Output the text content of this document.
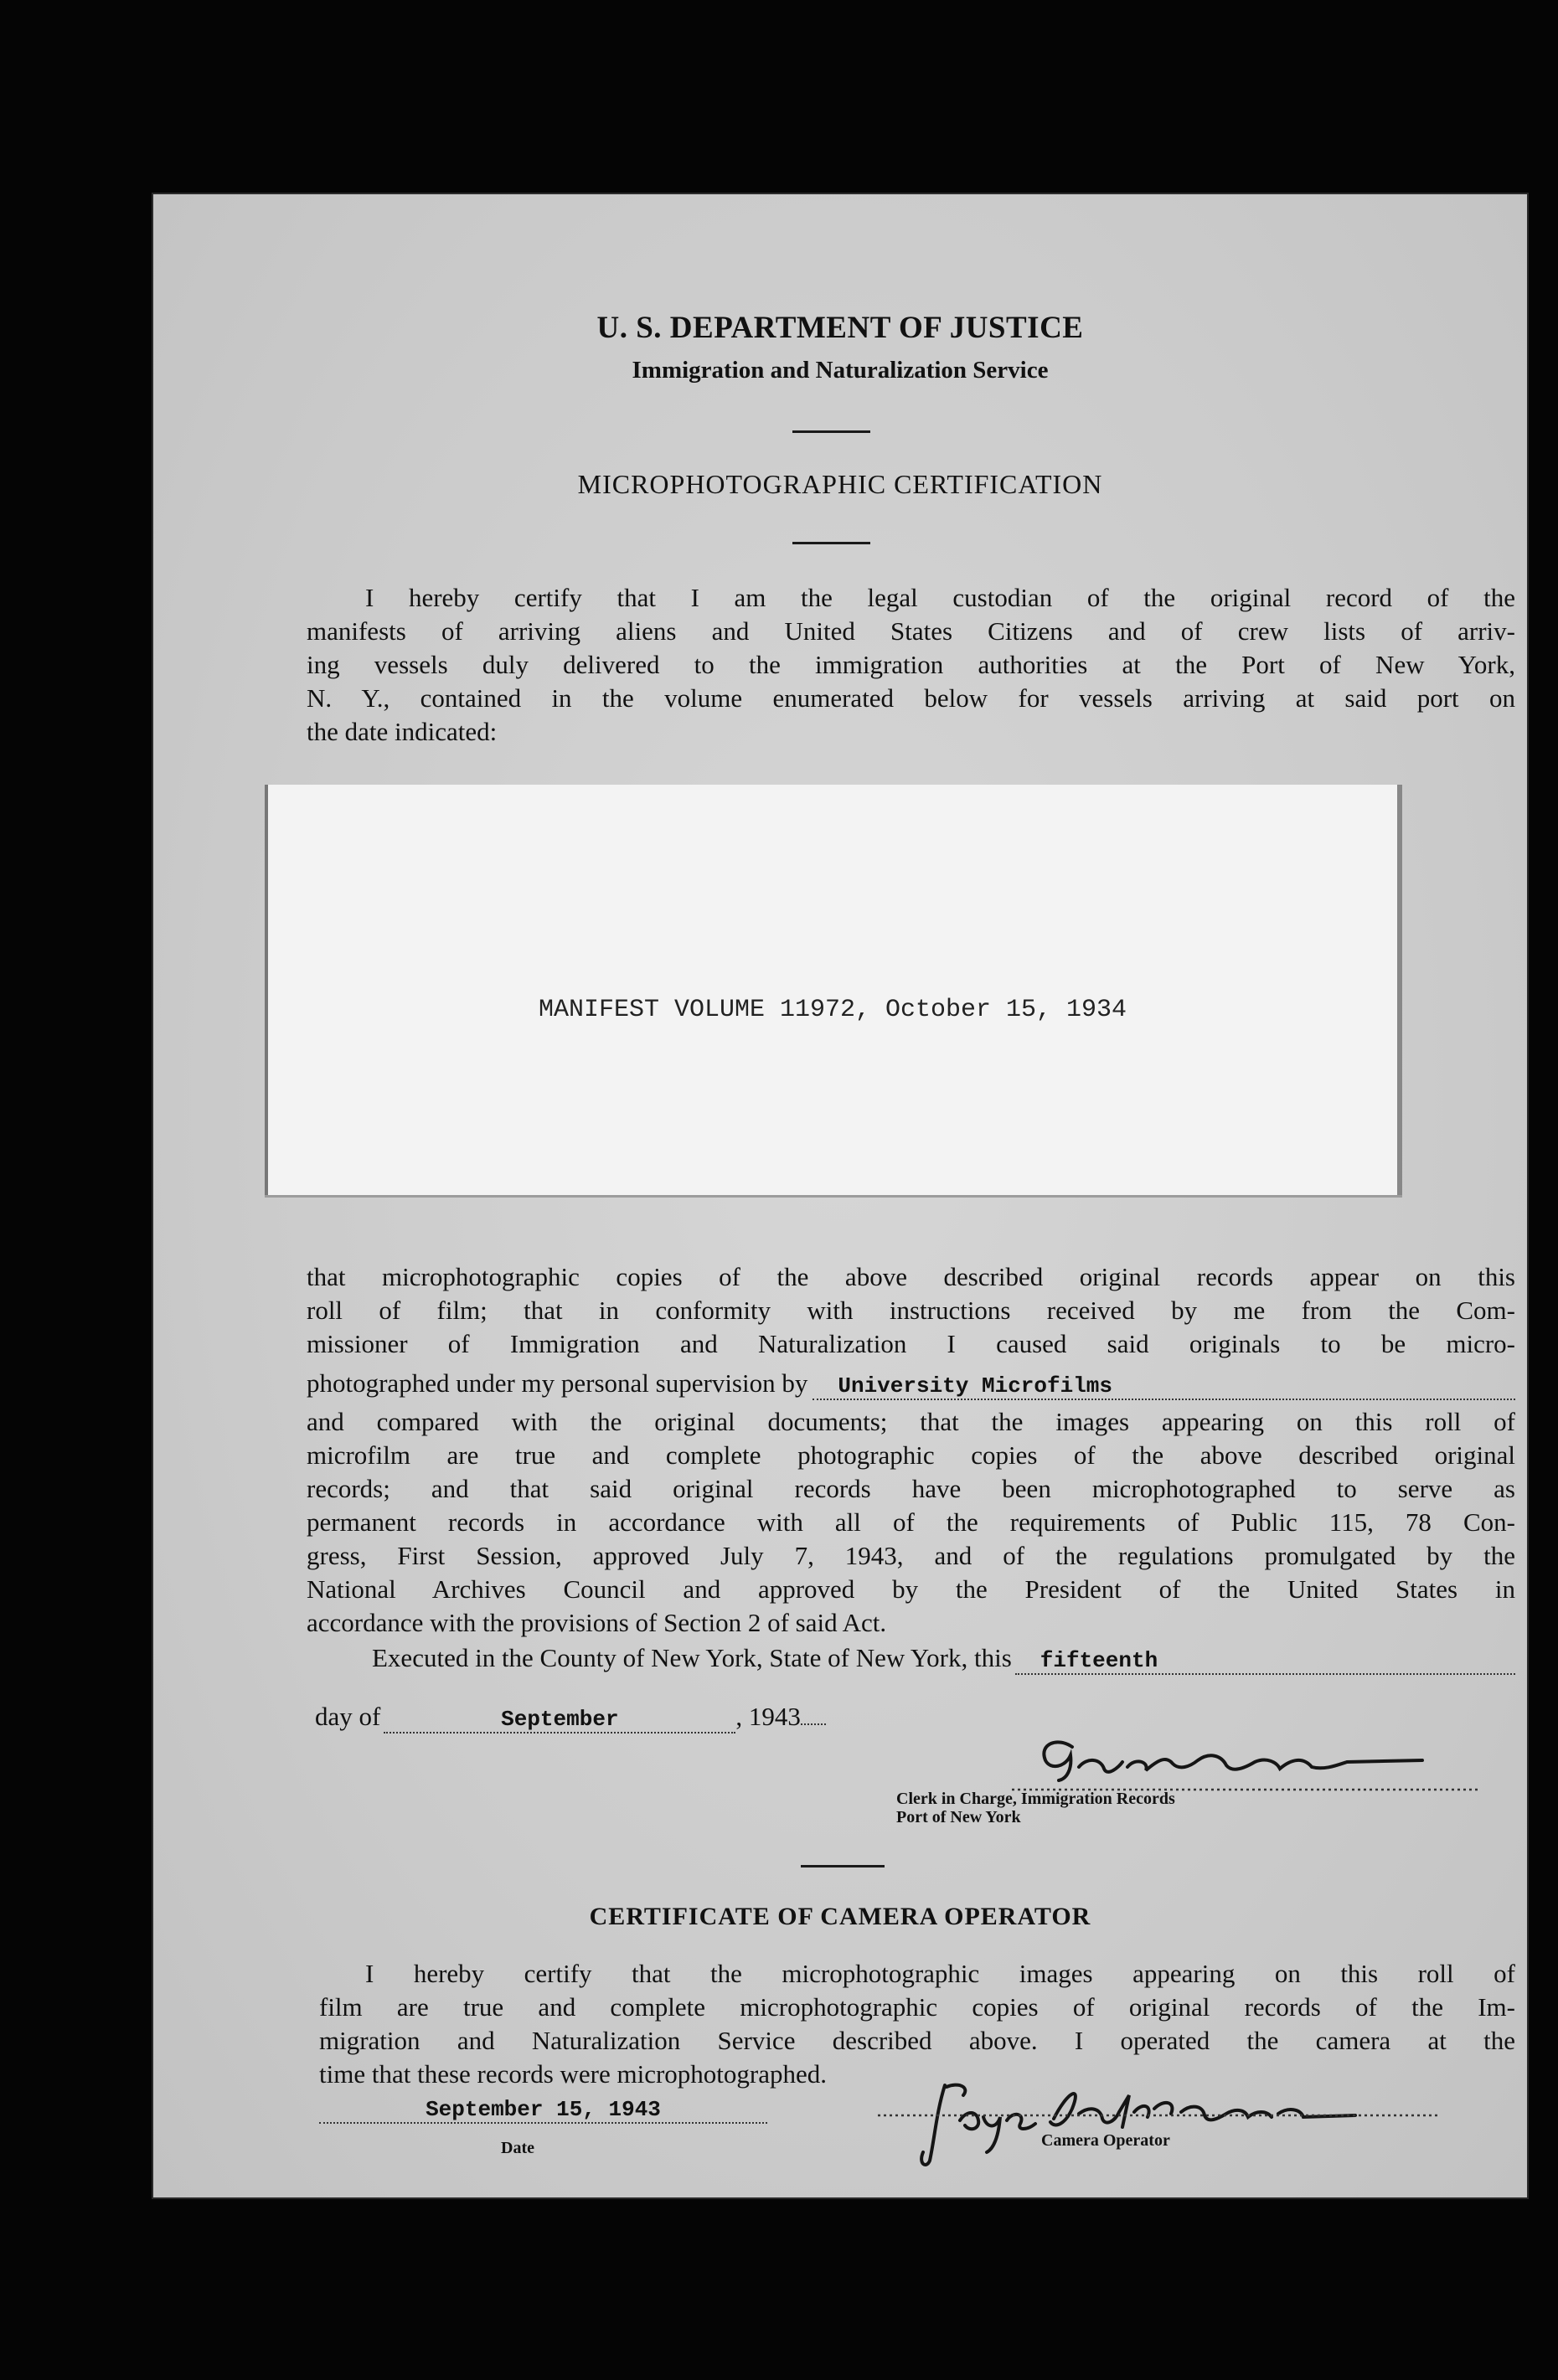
U. S. DEPARTMENT OF JUSTICE
Immigration and Naturalization Service
MICROPHOTOGRAPHIC CERTIFICATION
I hereby certify that I am the legal custodian of the original record of the
manifests of arriving aliens and United States Citizens and of crew lists of arriv-
ing vessels duly delivered to the immigration authorities at the Port of New York,
N. Y., contained in the volume enumerated below for vessels arriving at said port on
the date indicated:
MANIFEST VOLUME 11972, October 15, 1934
that microphotographic copies of the above described original records appear on this
roll of film; that in conformity with instructions received by me from the Com-
missioner of Immigration and Naturalization I caused said originals to be micro-
photographed under my personal supervision by	University Microfilms
and compared with the original documents; that the images appearing on this roll of
microfilm are true and complete photographic copies of the above described original
records; and that said original records have been microphotographed to serve as
permanent records in accordance with all of the requirements of Public 115, 78 Con-
gress, First Session, approved July 7, 1943, and of the regulations promulgated by the
National Archives Council and approved by the President of the United States in
accordance with the provisions of Section 2 of said Act.
Executed in the County of New York, State of New York, this	fifteenth
day of	September	, 1943
Clerk in Charge, Immigration Records
Port of New York
CERTIFICATE OF CAMERA OPERATOR
I hereby certify that the microphotographic images appearing on this roll of
film are true and complete microphotographic copies of original records of the Im-
migration and Naturalization Service described above. I operated the camera at the
time that these records were microphotographed.
September 15, 1943
Date	Camera Operator
